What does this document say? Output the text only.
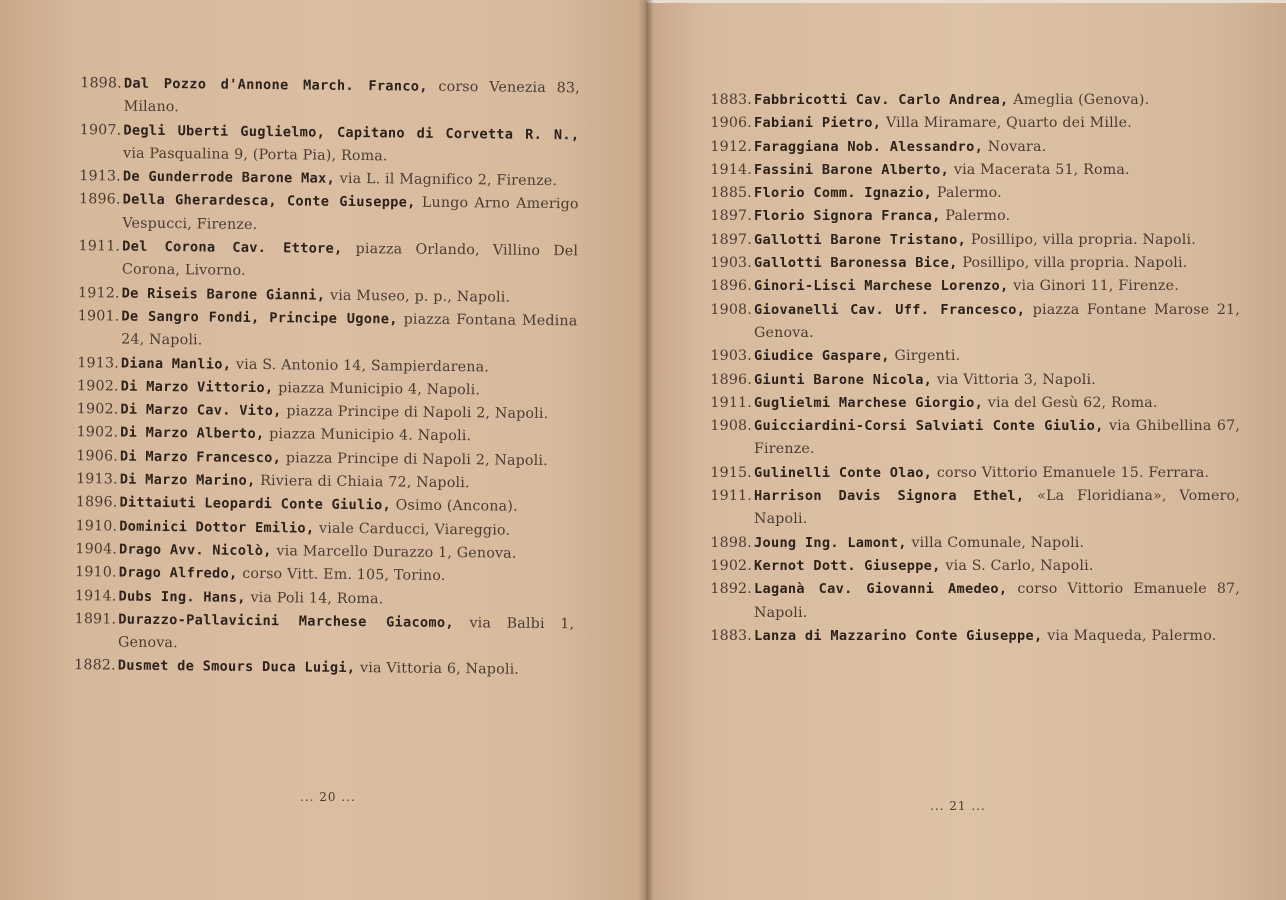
1898. Dal Pozzo d'Annone March. Franco, corso Venezia 83, Milano.
1907. Degli Uberti Guglielmo, Capitano di Corvetta R. N., via Pasqualina 9, (Porta Pia), Roma.
1913. De Gunderrode Barone Max, via L. il Magnifico 2, Firenze.
1896. Della Gherardesca, Conte Giuseppe, Lungo Arno Amerigo Vespucci, Firenze.
1911. Del Corona Cav. Ettore, piazza Orlando, Villino Del Corona, Livorno.
1912. De Riseis Barone Gianni, via Museo, p. p., Napoli.
1901. De Sangro Fondi, Principe Ugone, piazza Fontana Medina 24, Napoli.
1913. Diana Manlio, via S. Antonio 14, Sampierdarena.
1902. Di Marzo Vittorio, piazza Municipio 4, Napoli.
1902. Di Marzo Cav. Vito, piazza Principe di Napoli 2, Napoli.
1902. Di Marzo Alberto, piazza Municipio 4. Napoli.
1906. Di Marzo Francesco, piazza Principe di Napoli 2, Napoli.
1913. Di Marzo Marino, Riviera di Chiaia 72, Napoli.
1896. Dittaiuti Leopardi Conte Giulio, Osimo (Ancona).
1910. Dominici Dottor Emilio, viale Carducci, Viareggio.
1904. Drago Avv. Nicolò, via Marcello Durazzo 1, Genova.
1910. Drago Alfredo, corso Vitt. Em. 105, Torino.
1914. Dubs Ing. Hans, via Poli 14, Roma.
1891. Durazzo-Pallavicini Marchese Giacomo, via Balbi 1, Genova.
1882. Dusmet de Smours Duca Luigi, via Vittoria 6, Napoli.
... 20 ...
1883. Fabbricotti Cav. Carlo Andrea, Ameglia (Genova).
1906. Fabiani Pietro, Villa Miramare, Quarto dei Mille.
1912. Faraggiana Nob. Alessandro, Novara.
1914. Fassini Barone Alberto, via Macerata 51, Roma.
1885. Florio Comm. Ignazio, Palermo.
1897. Florio Signora Franca, Palermo.
1897. Gallotti Barone Tristano, Posillipo, villa propria. Napoli.
1903. Gallotti Baronessa Bice, Posillipo, villa propria. Napoli.
1896. Ginori-Lisci Marchese Lorenzo, via Ginori 11, Firenze.
1908. Giovanelli Cav. Uff. Francesco, piazza Fontane Marose 21, Genova.
1903. Giudice Gaspare, Girgenti.
1896. Giunti Barone Nicola, via Vittoria 3, Napoli.
1911. Guglielmi Marchese Giorgio, via del Gesù 62, Roma.
1908. Guicciardini-Corsi Salviati Conte Giulio, via Ghibellina 67, Firenze.
1915. Gulinelli Conte Olao, corso Vittorio Emanuele 15. Ferrara.
1911. Harrison Davis Signora Ethel, «La Floridiana», Vomero, Napoli.
1898. Joung Ing. Lamont, villa Comunale, Napoli.
1902. Kernot Dott. Giuseppe, via S. Carlo, Napoli.
1892. Laganà Cav. Giovanni Amedeo, corso Vittorio Emanuele 87, Napoli.
1883. Lanza di Mazzarino Conte Giuseppe, via Maqueda, Palermo.
... 21 ...
